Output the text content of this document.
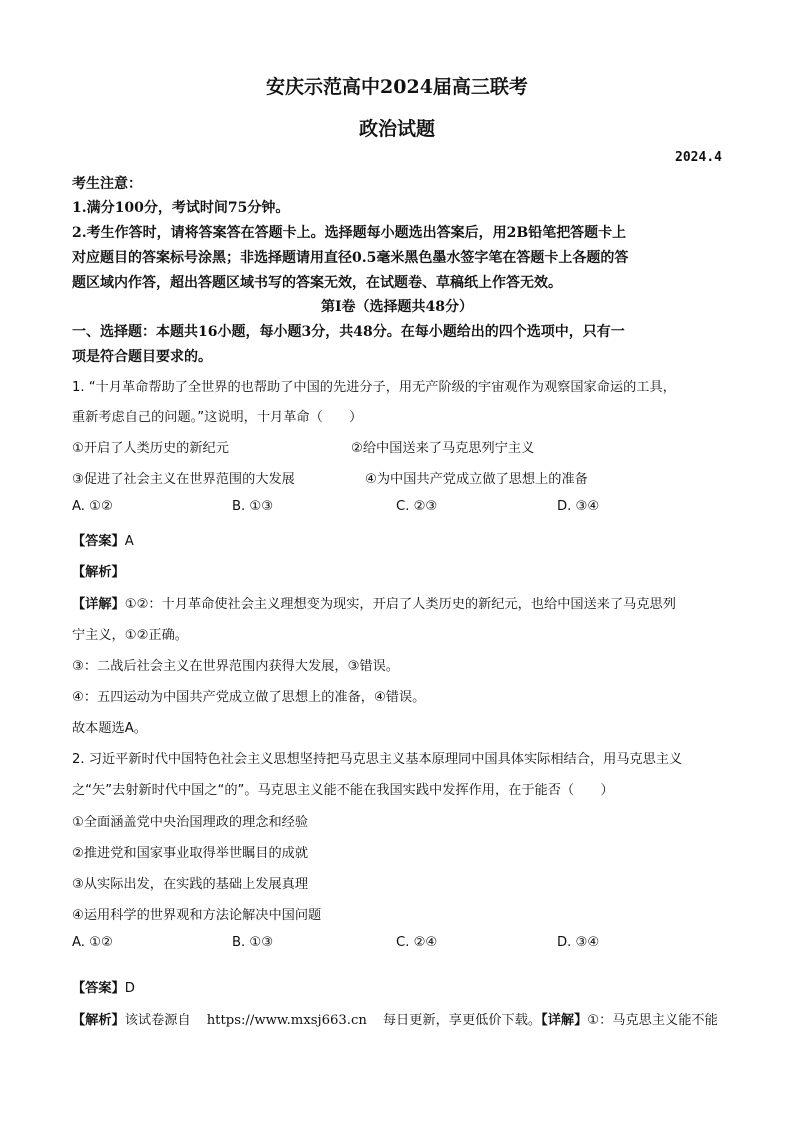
安庆示范高中2024届高三联考
政治试题
2024.4
考生注意：
1.满分100分，考试时间75分钟。
2.考生作答时，请将答案答在答题卡上。选择题每小题选出答案后，用2B铅笔把答题卡上
对应题目的答案标号涂黑；非选择题请用直径0.5毫米黑色墨水签字笔在答题卡上各题的答
题区域内作答，超出答题区域书写的答案无效，在试题卷、草稿纸上作答无效。
第Ⅰ卷（选择题共48分）
一、选择题：本题共16小题，每小题3分，共48分。在每小题给出的四个选项中，只有一
项是符合题目要求的。
1. “十月革命帮助了全世界的也帮助了中国的先进分子，用无产阶级的宇宙观作为观察国家命运的工具，
重新考虑自己的问题。”这说明，十月革命（　　）
①开启了人类历史的新纪元	②给中国送来了马克思列宁主义
③促进了社会主义在世界范围的大发展	④为中国共产党成立做了思想上的准备
A. ①②	B. ①③	C. ②③	D. ③④
【答案】A
【解析】
【详解】①②：十月革命使社会主义理想变为现实，开启了人类历史的新纪元，也给中国送来了马克思列
宁主义，①②正确。
③：二战后社会主义在世界范围内获得大发展，③错误。
④：五四运动为中国共产党成立做了思想上的准备，④错误。
故本题选A。
2. 习近平新时代中国特色社会主义思想坚持把马克思主义基本原理同中国具体实际相结合，用马克思主义
之“矢”去射新时代中国之“的”。马克思主义能不能在我国实践中发挥作用，在于能否（　　）
①全面涵盖党中央治国理政的理念和经验
②推进党和国家事业取得举世瞩目的成就
③从实际出发，在实践的基础上发展真理
④运用科学的世界观和方法论解决中国问题
A. ①②	B. ①③	C. ②④	D. ③④
【答案】D
【解析】该试卷源自 https://www.mxsj663.cn 每日更新，享更低价下载。【详解】①：马克思主义能不能
